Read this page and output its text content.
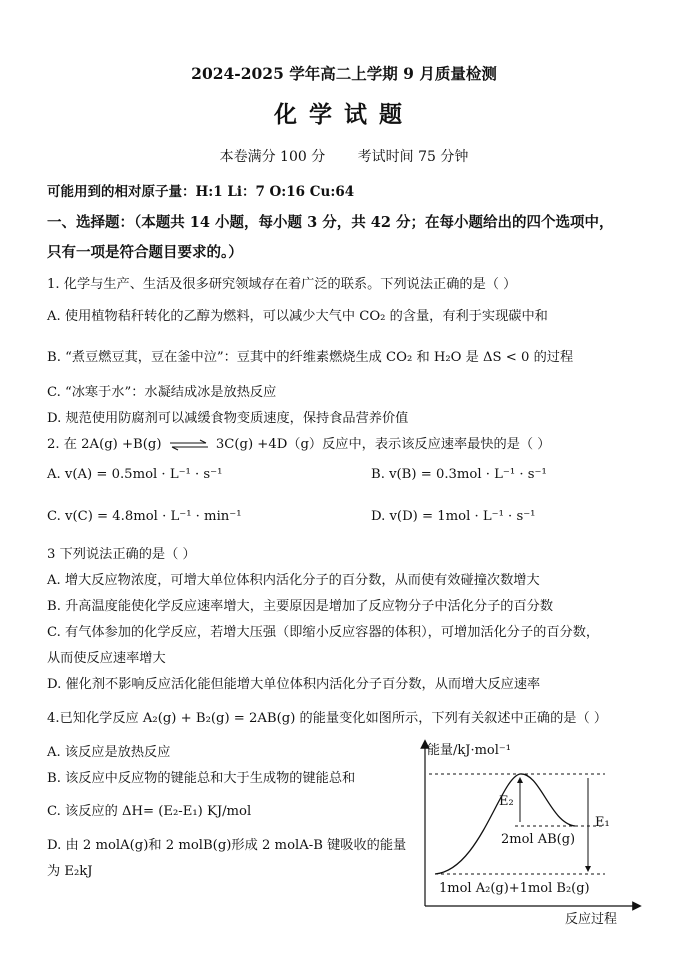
2024-2025 学年高二上学期 9 月质量检测
化学试题
本卷满分 100 分 考试时间 75 分钟
可能用到的相对原子量：H:1 Li：7 O:16 Cu:64
一、选择题：（本题共 14 小题，每小题 3 分，共 42 分；在每小题给出的四个选项中，
只有一项是符合题目要求的。）
1. 化学与生产、生活及很多研究领域存在着广泛的联系。下列说法正确的是（ ）
A. 使用植物秸秆转化的乙醇为燃料，可以减少大气中 CO₂ 的含量，有利于实现碳中和
B. “煮豆燃豆萁，豆在釜中泣”：豆萁中的纤维素燃烧生成 CO₂ 和 H₂O 是 ΔS < 0 的过程
C. “冰寒于水”：水凝结成冰是放热反应
D. 规范使用防腐剂可以减缓食物变质速度，保持食品营养价值
2. 在 2A(g) +B(g) ⇌ 3C(g) +4D（g）反应中，表示该反应速率最快的是（ ）
A. v(A) = 0.5mol · L⁻¹ · s⁻¹	B. v(B) = 0.3mol · L⁻¹ · s⁻¹
C. v(C) = 4.8mol · L⁻¹ · min⁻¹	D. v(D) = 1mol · L⁻¹ · s⁻¹
3 下列说法正确的是（ ）
A. 增大反应物浓度，可增大单位体积内活化分子的百分数，从而使有效碰撞次数增大
B. 升高温度能使化学反应速率增大，主要原因是增加了反应物分子中活化分子的百分数
C. 有气体参加的化学反应，若增大压强（即缩小反应容器的体积），可增加活化分子的百分数，
从而使反应速率增大
D. 催化剂不影响反应活化能但能增大单位体积内活化分子百分数，从而增大反应速率
4.已知化学反应 A₂(g) + B₂(g) = 2AB(g) 的能量变化如图所示，下列有关叙述中正确的是（ ）
A. 该反应是放热反应
B. 该反应中反应物的键能总和大于生成物的键能总和
C. 该反应的 ΔH= (E₂-E₁) KJ/mol
D. 由 2 molA(g)和 2 molB(g)形成 2 molA-B 键吸收的能量
为 E₂kJ
能量/kJ·mol⁻¹
反应过程
E₂
E₁
2mol AB(g)
1mol A₂(g)+1mol B₂(g)
